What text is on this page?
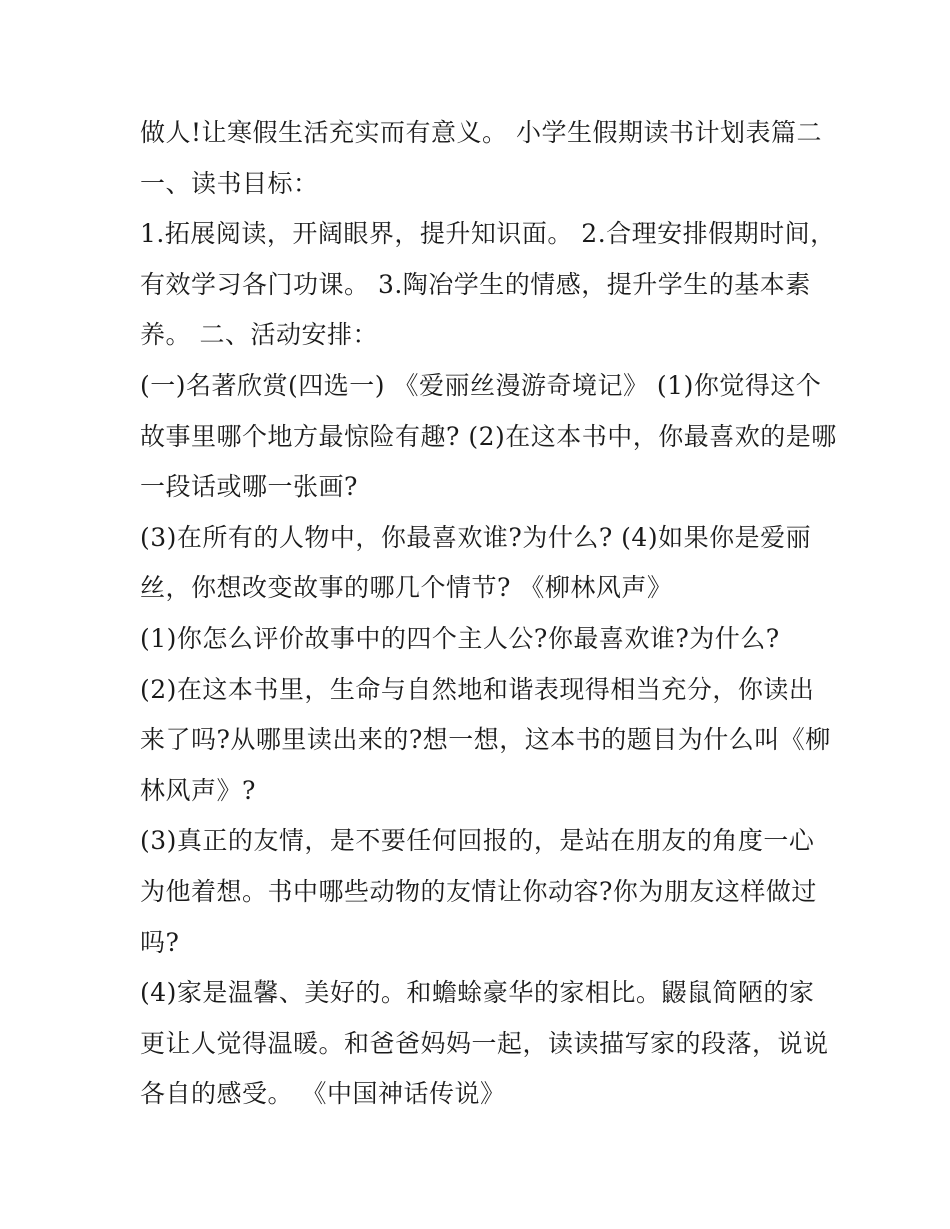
做人!让寒假生活充实而有意义。 小学生假期读书计划表篇二
一、读书目标：
1.拓展阅读，开阔眼界，提升知识面。 2.合理安排假期时间，
有效学习各门功课。 3.陶冶学生的情感，提升学生的基本素
养。 二、活动安排：
(一)名著欣赏(四选一) 《爱丽丝漫游奇境记》 (1)你觉得这个
故事里哪个地方最惊险有趣? (2)在这本书中，你最喜欢的是哪
一段话或哪一张画?
(3)在所有的人物中，你最喜欢谁?为什么? (4)如果你是爱丽
丝，你想改变故事的哪几个情节? 《柳林风声》
(1)你怎么评价故事中的四个主人公?你最喜欢谁?为什么?
(2)在这本书里，生命与自然地和谐表现得相当充分，你读出
来了吗?从哪里读出来的?想一想，这本书的题目为什么叫《柳
林风声》?
(3)真正的友情，是不要任何回报的，是站在朋友的角度一心
为他着想。书中哪些动物的友情让你动容?你为朋友这样做过
吗?
(4)家是温馨、美好的。和蟾蜍豪华的家相比。鼹鼠简陋的家
更让人觉得温暖。和爸爸妈妈一起，读读描写家的段落，说说
各自的感受。 《中国神话传说》
